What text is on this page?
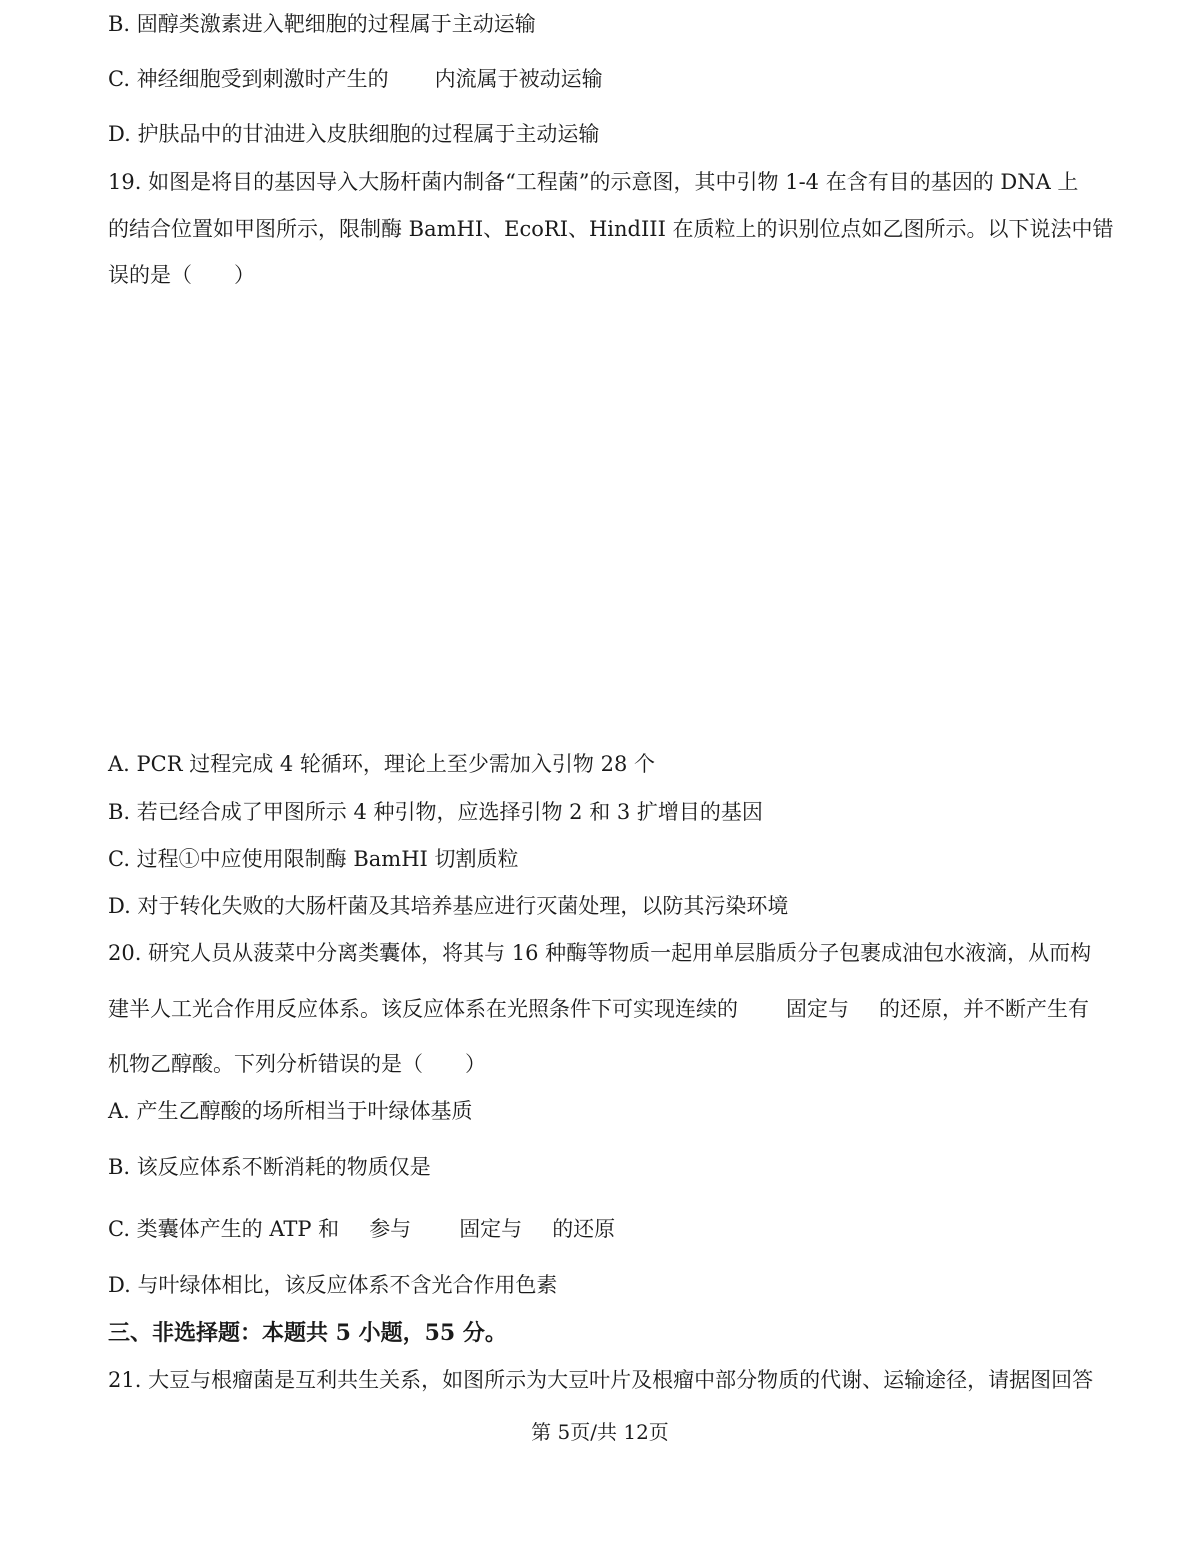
B. 固醇类激素进入靶细胞的过程属于主动运输
C. 神经细胞受到刺激时产生的 内流属于被动运输
D. 护肤品中的甘油进入皮肤细胞的过程属于主动运输
19. 如图是将目的基因导入大肠杆菌内制备“工程菌”的示意图，其中引物 1-4 在含有目的基因的 DNA 上
的结合位置如甲图所示，限制酶 BamHI、EcoRI、HindIII 在质粒上的识别位点如乙图所示。以下说法中错
误的是（　　）
A. PCR 过程完成 4 轮循环，理论上至少需加入引物 28 个
B. 若已经合成了甲图所示 4 种引物，应选择引物 2 和 3 扩增目的基因
C. 过程①中应使用限制酶 BamHI 切割质粒
D. 对于转化失败的大肠杆菌及其培养基应进行灭菌处理，以防其污染环境
20. 研究人员从菠菜中分离类囊体，将其与 16 种酶等物质一起用单层脂质分子包裹成油包水液滴，从而构
建半人工光合作用反应体系。该反应体系在光照条件下可实现连续的 固定与 的还原，并不断产生有
机物乙醇酸。下列分析错误的是（　　）
A. 产生乙醇酸的场所相当于叶绿体基质
B. 该反应体系不断消耗的物质仅是
C. 类囊体产生的 ATP 和 参与 固定与 的还原
D. 与叶绿体相比，该反应体系不含光合作用色素
三、非选择题：本题共 5 小题，55 分。
21. 大豆与根瘤菌是互利共生关系，如图所示为大豆叶片及根瘤中部分物质的代谢、运输途径，请据图回答
第 5页/共 12页
